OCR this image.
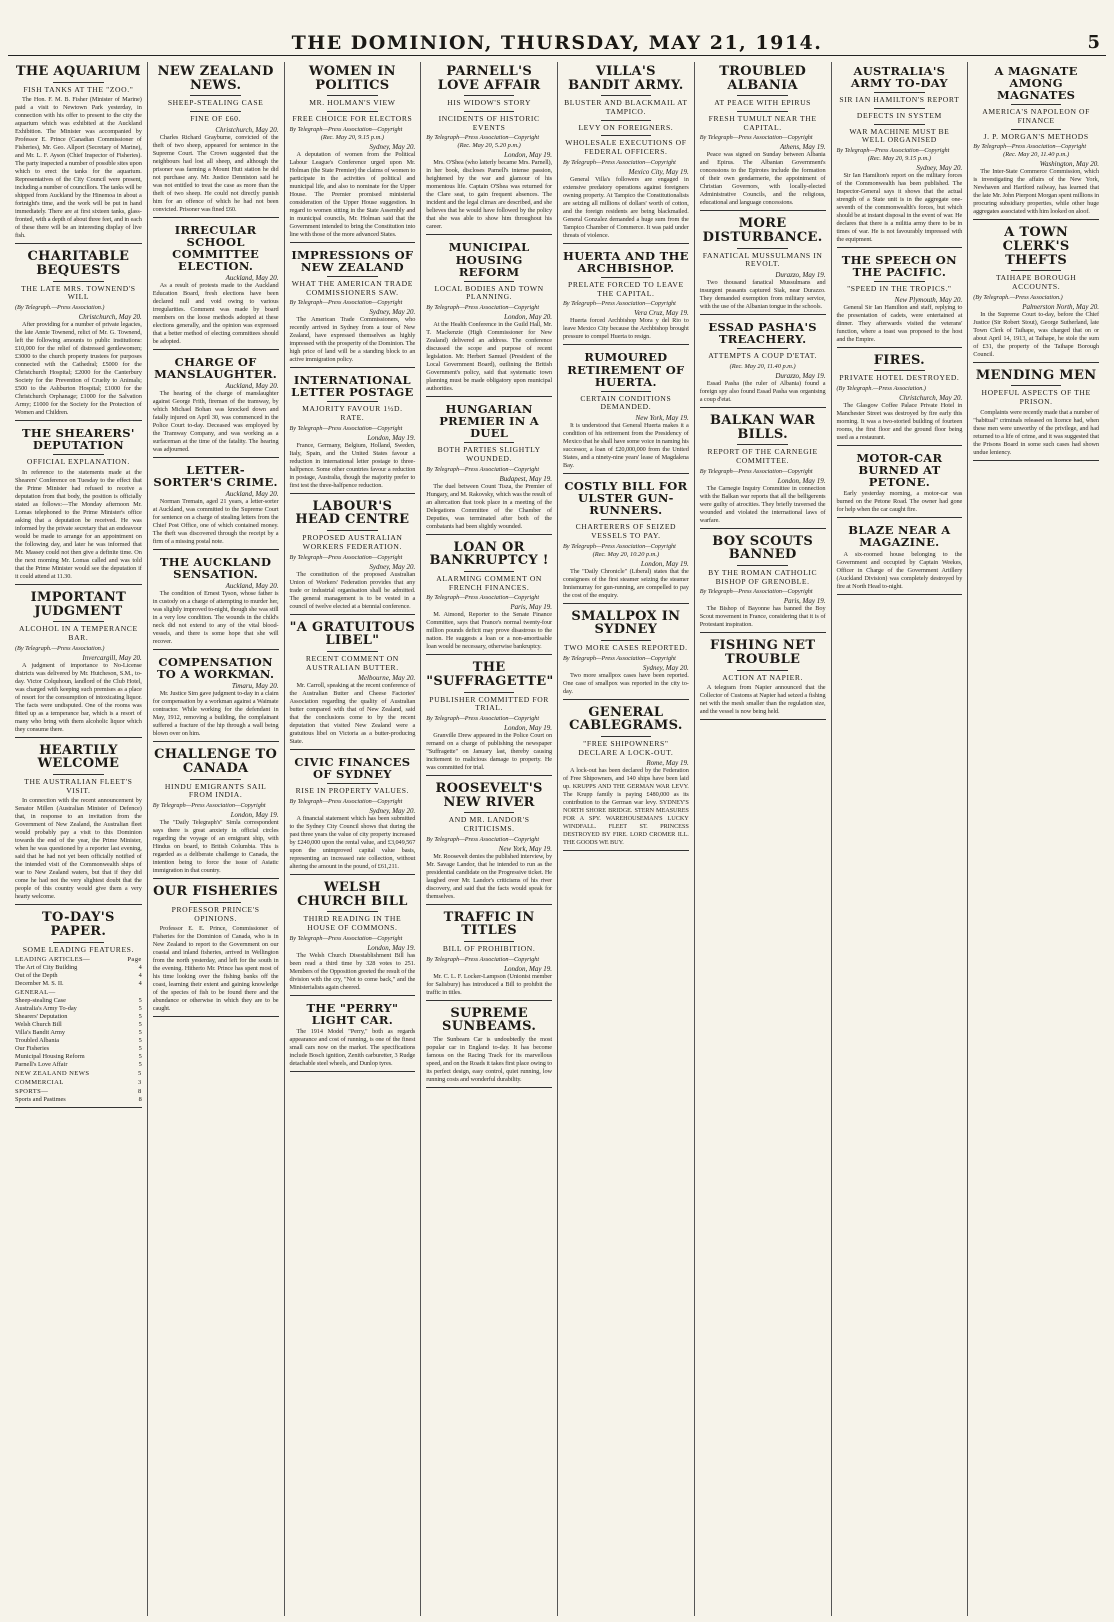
THE DOMINION, THURSDAY, MAY 21, 1914.	5
THE AQUARIUM
FISH TANKS AT THE "ZOO."

The Hon. F. M. B. Fisher (Minister of Marine) paid a visit to Newtown Park yesterday, in connection with his offer to present to the city the aquarium which was exhibited at the Auckland Exhibition. The Minister was accompanied by Professor E. Prince (Canadian Commissioner of Fisheries), Mr. Geo. Allport (Secretary of Marine), and Mr. L. F. Ayson (Chief Inspector of Fisheries). The party inspected a number of possible sites upon which to erect the tanks for the aquarium. Representatives of the City Council were present, including a number of councillors. The tanks will be shipped from Auckland by the Hinemoa in about a fortnight's time, and the work will be put in hand immediately. There are at first sixteen tanks, glass-fronted, with a depth of about three feet, and in each of these there will be an interesting display of live fish.

CHARITABLE BEQUESTS
THE LATE MRS. TOWNEND'S WILL
(By Telegraph.—Press Association.)
Christchurch, May 20.

After providing for a number of private legacies, the late Annie Townend, relict of Mr. G. Townend, left the following amounts to public institutions: £10,000 for the relief of distressed gentlewomen; £3000 to the church property trustees for purposes connected with the Cathedral; £5000 for the Christchurch Hospital; £2000 for the Canterbury Society for the Prevention of Cruelty to Animals; £500 to the Ashburton Hospital; £1000 for the Christchurch Orphanage; £1000 for the Salvation Army; £1000 for the Society for the Protection of Women and Children.

THE SHEARERS' DEPUTATION
OFFICIAL EXPLANATION.

In reference to the statements made at the Shearers' Conference on Tuesday to the effect that the Prime Minister had refused to receive a deputation from that body, the position is officially stated as follows:—The Monday afternoon Mr. Lomas telephoned to the Prime Minister's office asking that a deputation be received. He was informed by the private secretary that an endeavour would be made to arrange for an appointment on the following day, and later he was informed that Mr. Massey could not then give a definite time. On the next morning Mr. Lomas called and was told that the Prime Minister would see the deputation if it could attend at 11.30.

IMPORTANT JUDGMENT
ALCOHOL IN A TEMPERANCE BAR.
(By Telegraph.—Press Association.)
Invercargill, May 20.

A judgment of importance to No-License districts was delivered by Mr. Hutcheson, S.M., to-day. Victor Colquhoun, landlord of the Club Hotel, was charged with keeping such premises as a place of resort for the consumption of intoxicating liquor. The facts were undisputed. One of the rooms was fitted up as a temperance bar, which is a resort of many who bring with them alcoholic liquor which they consume there.

HEARTILY WELCOME
THE AUSTRALIAN FLEET'S VISIT.

In connection with the recent announcement by Senator Millen (Australian Minister of Defence) that, in response to an invitation from the Government of New Zealand, the Australian fleet would probably pay a visit to this Dominion towards the end of the year, the Prime Minister, when he was questioned by a reporter last evening, said that he had not yet been officially notified of the intended visit of the Commonwealth ships of war to New Zealand waters, but that if they did come he had not the very slightest doubt that the people of this country would give them a very hearty welcome.

TO-DAY'S PAPER.
SOME LEADING FEATURES.
LEADING ARTICLES—	Page
The Art of City Building	4
Out of the Depth	4
December M. S. II.	4
GENERAL—
Sheep-stealing Case	5
Australia's Army To-day	5
Shearers' Deputation	5
Welsh Church Bill	5
Villa's Bandit Army	5
Troubled Albania	5
Our Fisheries	5
Municipal Housing Reform	5
Parnell's Love Affair	5
NEW ZEALAND NEWS	5
COMMERCIAL	3
SPORTS—	8
Sports and Pastimes	8
NEW ZEALAND NEWS.
SHEEP-STEALING CASE
FINE OF £60.
Christchurch, May 20.

Charles Richard Grayburne, convicted of the theft of two sheep, appeared for sentence in the Supreme Court. The Crown suggested that the neighbours had lost all sheep, and although the prisoner was farming a Mount Hutt station he did not purchase any. Mr. Justice Denniston said he was not entitled to treat the case as more than the theft of two sheep. He could not directly punish him for an offence of which he had not been convicted. Prisoner was fined £60.

IRRECULAR SCHOOL COMMITTEE ELECTION.
Auckland, May 20.

As a result of protests made to the Auckland Education Board, fresh elections have been declared null and void owing to various irregularities. Comment was made by board members on the loose methods adopted at these elections generally, and the opinion was expressed that a better method of electing committees should be adopted.

CHARGE OF MANSLAUGHTER.
Auckland, May 20.

The hearing of the charge of manslaughter against George Frith, fireman of the tramway, by which Michael Bohan was knocked down and fatally injured on April 30, was commenced in the Police Court to-day. Deceased was employed by the Tramway Company, and was working as a surfaceman at the time of the fatality. The hearing was adjourned.

LETTER-SORTER'S CRIME.
Auckland, May 20.

Norman Tremain, aged 21 years, a letter-sorter at Auckland, was committed to the Supreme Court for sentence on a charge of stealing letters from the Chief Post Office, one of which contained money. The theft was discovered through the receipt by a firm of a missing postal note.

THE AUCKLAND SENSATION.
Auckland, May 20.

The condition of Ernest Tyson, whose father is in custody on a charge of attempting to murder her, was slightly improved to-night, though she was still in a very low condition. The wounds in the child's neck did not extend to any of the vital blood-vessels, and there is some hope that she will recover.

COMPENSATION TO A WORKMAN.
Timaru, May 20.

Mr. Justice Sim gave judgment to-day in a claim for compensation by a workman against a Waimate contractor. While working for the defendant in May, 1912, removing a building, the complainant suffered a fracture of the hip through a wall being blown over on him.

CHALLENGE TO CANADA
HINDU EMIGRANTS SAIL FROM INDIA.
By Telegraph—Press Association—Copyright
London, May 19.

The "Daily Telegraph's" Simla correspondent says there is great anxiety in official circles regarding the voyage of an emigrant ship, with Hindus on board, to British Columbia. This is regarded as a deliberate challenge to Canada, the intention being to force the issue of Asiatic immigration in that country.

OUR FISHERIES
PROFESSOR PRINCE'S OPINIONS.

Professor E. E. Prince, Commissioner of Fisheries for the Dominion of Canada, who is in New Zealand to report to the Government on our coastal and inland fisheries, arrived in Wellington from the north yesterday, and left for the south in the evening. Hitherto Mr. Prince has spent most of his time looking over the fishing banks off the coast, learning their extent and gaining knowledge of the species of fish to be found there and the abundance or otherwise in which they are to be caught.

WOMEN IN POLITICS
MR. HOLMAN'S VIEW
FREE CHOICE FOR ELECTORS
By Telegraph—Press Association—Copyright
(Rec. May 20, 9.15 p.m.)
Sydney, May 20.

A deputation of women from the Political Labour League's Conference urged upon Mr. Holman (the State Premier) the claims of women to participate in the activities of political and municipal life, and also to nominate for the Upper House. The Premier promised ministerial consideration of the Upper House suggestion. In regard to women sitting in the State Assembly and in municipal councils, Mr. Holman said that the Government intended to bring the Constitution into line with those of the more advanced States.

IMPRESSIONS OF NEW ZEALAND
WHAT THE AMERICAN TRADE COMMISSIONERS SAW.
By Telegraph—Press Association—Copyright
Sydney, May 20.

The American Trade Commissioners, who recently arrived in Sydney from a tour of New Zealand, have expressed themselves as highly impressed with the prosperity of the Dominion. The high price of land will be a standing block to an active immigration policy.

INTERNATIONAL LETTER POSTAGE
MAJORITY FAVOUR 1½D. RATE.
By Telegraph—Press Association—Copyright
London, May 19.

France, Germany, Belgium, Holland, Sweden, Italy, Spain, and the United States favour a reduction in international letter postage to three-halfpence. Some other countries favour a reduction in postage, Australia, though the majority prefer to first test the three-halfpence reduction.

LABOUR'S HEAD CENTRE
PROPOSED AUSTRALIAN WORKERS FEDERATION.
By Telegraph—Press Association—Copyright
Sydney, May 20.

The constitution of the proposed Australian Union of Workers' Federation provides that any trade or industrial organisation shall be admitted. The general management is to be vested in a council of twelve elected at a biennial conference.

"A GRATUITOUS LIBEL"
RECENT COMMENT ON AUSTRALIAN BUTTER.
Melbourne, May 20.

Mr. Carroll, speaking at the recent conference of the Australian Butter and Cheese Factories' Association regarding the quality of Australian butter compared with that of New Zealand, said that the conclusions come to by the recent deputation that visited New Zealand were a gratuitous libel on Victoria as a butter-producing State.

CIVIC FINANCES OF SYDNEY
RISE IN PROPERTY VALUES.
By Telegraph—Press Association—Copyright
Sydney, May 20.

A financial statement which has been submitted to the Sydney City Council shows that during the past three years the value of city property increased by £240,000 upon the rental value, and £3,049,567 upon the unimproved capital value basis, representing an increased rate collection, without altering the amount in the pound, of £61,211.

WELSH CHURCH BILL
THIRD READING IN THE HOUSE OF COMMONS.
By Telegraph—Press Association—Copyright
London, May 19.

The Welsh Church Disestablishment Bill has been read a third time by 328 votes to 251. Members of the Opposition greeted the result of the division with the cry, "Not to come back," and the Ministerialists again cheered.

THE "PERRY" LIGHT CAR.

The 1914 Model "Perry," both as regards appearance and cost of running, is one of the finest small cars now on the market. The specifications include Bosch ignition, Zenith carburetter, 3 Rudge detachable steel wheels, and Dunlop tyres.

PARNELL'S LOVE AFFAIR
HIS WIDOW'S STORY
INCIDENTS OF HISTORIC EVENTS
By Telegraph—Press Association—Copyright
(Rec. May 20, 5.20 p.m.)
London, May 19.

Mrs. O'Shea (who latterly became Mrs. Parnell), in her book, discloses Parnell's intense passion, heightened by the war and glamour of his momentous life. Captain O'Shea was returned for the Clare seat, to gain frequent absences. The incident and the legal climax are described, and she believes that he would have followed by the policy that she was able to show him throughout his career.

MUNICIPAL HOUSING REFORM
LOCAL BODIES AND TOWN PLANNING.
By Telegraph—Press Association—Copyright
London, May 20.

At the Health Conference in the Guild Hall, Mr. T. Mackenzie (High Commissioner for New Zealand) delivered an address. The conference discussed the scope and purpose of recent legislation. Mr. Herbert Samuel (President of the Local Government Board), outlining the British Government's policy, said that systematic town planning must be made obligatory upon municipal authorities.

HUNGARIAN PREMIER IN A DUEL
BOTH PARTIES SLIGHTLY WOUNDED.
By Telegraph—Press Association—Copyright
Budapest, May 19.

The duel between Count Tisza, the Premier of Hungary, and M. Rakovsky, which was the result of an altercation that took place in a meeting of the Delegations Committee of the Chamber of Deputies, was terminated after both of the combatants had been slightly wounded.

LOAN OR BANKRUPTCY !
ALARMING COMMENT ON FRENCH FINANCES.
By Telegraph—Press Association—Copyright
Paris, May 19.

M. Aimond, Reporter to the Senate Finance Committee, says that France's normal twenty-four million pounds deficit may prove disastrous to the nation. He suggests a loan or a non-amortisable loan would be necessary, otherwise bankruptcy.

THE "SUFFRAGETTE"
PUBLISHER COMMITTED FOR TRIAL.
By Telegraph—Press Association—Copyright
London, May 19.

Granville Drew appeared in the Police Court on remand on a charge of publishing the newspaper "Suffragette" on January last, thereby causing incitement to malicious damage to property. He was committed for trial.

ROOSEVELT'S NEW RIVER
AND MR. LANDOR'S CRITICISMS.
By Telegraph—Press Association—Copyright
New York, May 19.

Mr. Roosevelt denies the published interview, by Mr. Savage Landor, that he intended to run as the presidential candidate on the Progressive ticket. He laughed over Mr. Landor's criticisms of his river discovery, and said that the facts would speak for themselves.

TRAFFIC IN TITLES
BILL OF PROHIBITION.
By Telegraph—Press Association—Copyright
London, May 19.

Mr. C. L. F. Locker-Lampson (Unionist member for Salisbury) has introduced a Bill to prohibit the traffic in titles.

SUPREME SUNBEAMS.

The Sunbeam Car is undoubtedly the most popular car in England to-day. It has become famous on the Racing Track for its marvellous speed, and on the Roads it takes first place owing to its perfect design, easy control, quiet running, low running costs and wonderful durability.

VILLA'S BANDIT ARMY.
BLUSTER AND BLACKMAIL AT TAMPICO.
LEVY ON FOREIGNERS.
WHOLESALE EXECUTIONS OF FEDERAL OFFICERS.
By Telegraph—Press Association—Copyright
Mexico City, May 19.

General Villa's followers are engaged in extensive predatory operations against foreigners owning property. At Tampico the Constitutionalists are seizing all millions of dollars' worth of cotton, and the foreign residents are being blackmailed. General Gonzalez demanded a huge sum from the Tampico Chamber of Commerce. It was paid under threats of violence.

HUERTA AND THE ARCHBISHOP.
PRELATE FORCED TO LEAVE THE CAPITAL.
By Telegraph—Press Association—Copyright
Vera Cruz, May 19.

Huerta forced Archbishop Mora y del Rio to leave Mexico City because the Archbishop brought pressure to compel Huerta to resign.

RUMOURED RETIREMENT OF HUERTA.
CERTAIN CONDITIONS DEMANDED.
New York, May 19.

It is understood that General Huerta makes it a condition of his retirement from the Presidency of Mexico that he shall have some voice in naming his successor, a loan of £20,000,000 from the United States, and a ninety-nine years' lease of Magdalena Bay.

COSTLY BILL FOR ULSTER GUN-RUNNERS.
CHARTERERS OF SEIZED VESSELS TO PAY.
By Telegraph—Press Association—Copyright
(Rec. May 20, 10.20 p.m.)
London, May 19.

The "Daily Chronicle" (Liberal) states that the consignees of the first steamer seizing the steamer Innismurray for gun-running, are compelled to pay the cost of the enquiry.

SMALLPOX IN SYDNEY
TWO MORE CASES REPORTED.
By Telegraph—Press Association—Copyright
Sydney, May 20.

Two more smallpox cases have been reported. One case of smallpox was reported in the city to-day.

GENERAL CABLEGRAMS.
"FREE SHIPOWNERS" DECLARE A LOCK-OUT.
Rome, May 19.

A lock-out has been declared by the Federation of Free Shipowners, and 140 ships have been laid up. KRUPPS AND THE GERMAN WAR LEVY. The Krupp family is paying £480,000 as its contribution to the German war levy. SYDNEY'S NORTH SHORE BRIDGE. STERN MEASURES FOR A SPY. WAREHOUSEMAN'S LUCKY WINDFALL. FLEET ST. PRINCESS DESTROYED BY FIRE. LORD CROMER ILL. THE GOODS WE BUY.

TROUBLED ALBANIA
AT PEACE WITH EPIRUS
FRESH TUMULT NEAR THE CAPITAL.
By Telegraph—Press Association—Copyright
Athens, May 19.

Peace was signed on Sunday between Albania and Epirus. The Albanian Government's concessions to the Epirotes include the formation of their own gendarmerie, the appointment of Christian Governors, with locally-elected Administrative Councils, and the religious, educational and language concessions.

MORE DISTURBANCE.
FANATICAL MUSSULMANS IN REVOLT.
Durazzo, May 19.

Two thousand fanatical Mussulmans and insurgent peasants captured Siak, near Durazzo. They demanded exemption from military service, with the use of the Albanian tongue in the schools.

ESSAD PASHA'S TREACHERY.
ATTEMPTS A COUP D'ETAT.
(Rec. May 20, 11.40 p.m.)
Durazzo, May 19.

Essad Pasha (the ruler of Albania) found a foreign spy also found Essad Pasha was organising a coup d'etat.

BALKAN WAR BILLS.
REPORT OF THE CARNEGIE COMMITTEE.
By Telegraph—Press Association—Copyright
London, May 19.

The Carnegie Inquiry Committee in connection with the Balkan war reports that all the belligerents were guilty of atrocities. They briefly traversed the wounded and violated the international laws of warfare.

BOY SCOUTS BANNED
BY THE ROMAN CATHOLIC BISHOP OF GRENOBLE.
By Telegraph—Press Association—Copyright
Paris, May 19.

The Bishop of Bayonne has banned the Boy Scout movement in France, considering that it is of Protestant inspiration.

FISHING NET TROUBLE
ACTION AT NAPIER.

A telegram from Napier announced that the Collector of Customs at Napier had seized a fishing net with the mesh smaller than the regulation size, and the vessel is now being held.

AUSTRALIA'S ARMY TO-DAY
SIR IAN HAMILTON'S REPORT
DEFECTS IN SYSTEM
WAR MACHINE MUST BE WELL ORGANISED
By Telegraph—Press Association—Copyright
(Rec. May 20, 9.15 p.m.)
Sydney, May 20.

Sir Ian Hamilton's report on the military forces of the Commonwealth has been published. The Inspector-General says it shows that the actual strength of a State unit is in the aggregate one-seventh of the commonwealth's forces, but which should be at instant disposal in the event of war. He declares that there is a militia army there to be in times of war. He is not favourably impressed with the equipment.

THE SPEECH ON THE PACIFIC.
"SPEED IN THE TROPICS."
New Plymouth, May 20.

General Sir Ian Hamilton and staff, replying to the presentation of cadets, were entertained at dinner. They afterwards visited the veterans' function, where a toast was proposed to the host and the Empire.

FIRES.
PRIVATE HOTEL DESTROYED.
(By Telegraph.—Press Association.)
Christchurch, May 20.

The Glasgow Coffee Palace Private Hotel in Manchester Street was destroyed by fire early this morning. It was a two-storied building of fourteen rooms, the first floor and the ground floor being used as a restaurant.

MOTOR-CAR BURNED AT PETONE.

Early yesterday morning, a motor-car was burned on the Petone Road. The owner had gone for help when the car caught fire.

BLAZE NEAR A MAGAZINE.

A six-roomed house belonging to the Government and occupied by Captain Weekes, Officer in Charge of the Government Artillery (Auckland Division) was completely destroyed by fire at North Head to-night.

A MAGNATE AMONG MAGNATES
AMERICA'S NAPOLEON OF FINANCE
J. P. MORGAN'S METHODS
By Telegraph—Press Association—Copyright
(Rec. May 20, 11.40 p.m.)
Washington, May 20.

The Inter-State Commerce Commission, which is investigating the affairs of the New York, Newhaven and Hartford railway, has learned that the late Mr. John Pierpont Morgan spent millions in procuring subsidiary properties, while other huge aggregates associated with him looked on aloof.

A TOWN CLERK'S THEFTS
TAIHAPE BOROUGH ACCOUNTS.
(By Telegraph.—Press Association.)
Palmerston North, May 20.

In the Supreme Court to-day, before the Chief Justice (Sir Robert Stout), George Sutherland, late Town Clerk of Taihape, was charged that on or about April 14, 1913, at Taihape, he stole the sum of £31, the property of the Taihape Borough Council.

MENDING MEN
HOPEFUL ASPECTS OF THE PRISON.

Complaints were recently made that a number of "habitual" criminals released on licence had, when these men were unworthy of the privilege, and had returned to a life of crime, and it was suggested that the Prisons Board in some such cases had shown undue leniency.
